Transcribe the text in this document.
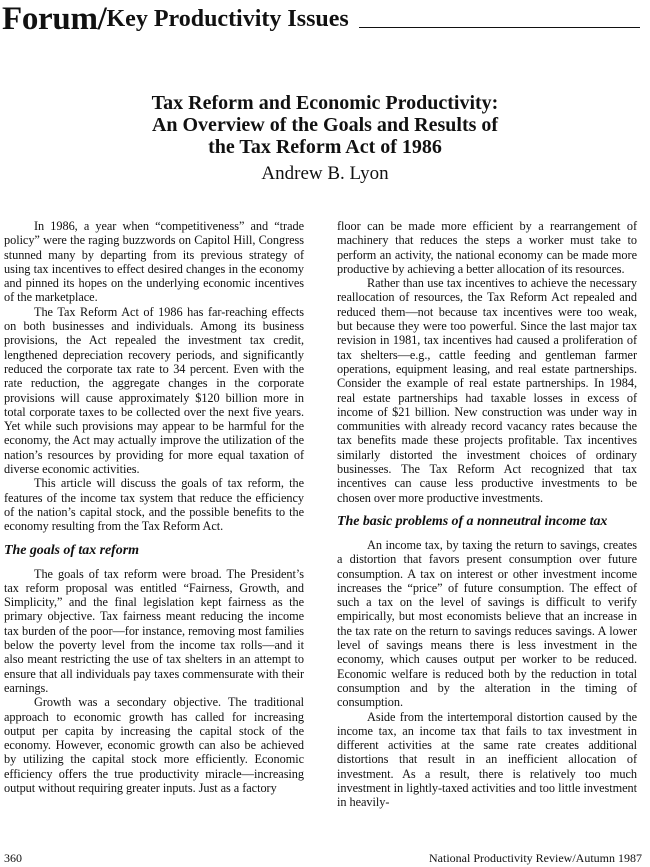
Forum/ Key Productivity Issues
Tax Reform and Economic Productivity:
An Overview of the Goals and Results of
the Tax Reform Act of 1986
Andrew B. Lyon

In 1986, a year when “competitiveness” and “trade policy” were the raging buzzwords on Capitol Hill, Congress stunned many by departing from its previous strategy of using tax incentives to effect desired changes in the economy and pinned its hopes on the underlying economic incentives of the marketplace.

The Tax Reform Act of 1986 has far-reaching effects on both businesses and individuals. Among its business provisions, the Act repealed the investment tax credit, lengthened depreciation recovery periods, and significantly reduced the corporate tax rate to 34 percent. Even with the rate reduction, the aggregate changes in the corporate provisions will cause approximately $120 billion more in total corporate taxes to be collected over the next five years. Yet while such provisions may appear to be harmful for the economy, the Act may actually improve the utilization of the nation’s resources by providing for more equal taxation of diverse economic activities.

This article will discuss the goals of tax reform, the features of the income tax system that reduce the efficiency of the nation’s capital stock, and the possible benefits to the economy resulting from the Tax Reform Act.

The goals of tax reform

The goals of tax reform were broad. The President’s tax reform proposal was entitled “Fairness, Growth, and Simplicity,” and the final legislation kept fairness as the primary objective. Tax fairness meant reducing the income tax burden of the poor—for instance, removing most families below the poverty level from the income tax rolls—and it also meant restricting the use of tax shelters in an attempt to ensure that all individuals pay taxes commensurate with their earnings.

Growth was a secondary objective. The traditional approach to economic growth has called for increasing output per capita by increasing the capital stock of the economy. However, economic growth can also be achieved by utilizing the capital stock more efficiently. Economic efficiency offers the true productivity miracle—increasing output without requiring greater inputs. Just as a factory

floor can be made more efficient by a rearrangement of machinery that reduces the steps a worker must take to perform an activity, the national economy can be made more productive by achieving a better allocation of its resources.

Rather than use tax incentives to achieve the necessary reallocation of resources, the Tax Reform Act repealed and reduced them—not because tax incentives were too weak, but because they were too powerful. Since the last major tax revision in 1981, tax incentives had caused a proliferation of tax shelters—e.g., cattle feeding and gentleman farmer operations, equipment leasing, and real estate partnerships. Consider the example of real estate partnerships. In 1984, real estate partnerships had taxable losses in excess of income of $21 billion. New construction was under way in communities with already record vacancy rates because the tax benefits made these projects profitable. Tax incentives similarly distorted the investment choices of ordinary businesses. The Tax Reform Act recognized that tax incentives can cause less productive investments to be chosen over more productive investments.

The basic problems of a nonneutral income tax

An income tax, by taxing the return to savings, creates a distortion that favors present consumption over future consumption. A tax on interest or other investment income increases the “price” of future consumption. The effect of such a tax on the level of savings is difficult to verify empirically, but most economists believe that an increase in the tax rate on the return to savings reduces savings. A lower level of savings means there is less investment in the economy, which causes output per worker to be reduced. Economic welfare is reduced both by the reduction in total consumption and by the alteration in the timing of consumption.

Aside from the intertemporal distortion caused by the income tax, an income tax that fails to tax investment in different activities at the same rate creates additional distortions that result in an inefficient allocation of investment. As a result, there is relatively too much investment in lightly-taxed activities and too little investment in heavily-

360	National Productivity Review/Autumn 1987
